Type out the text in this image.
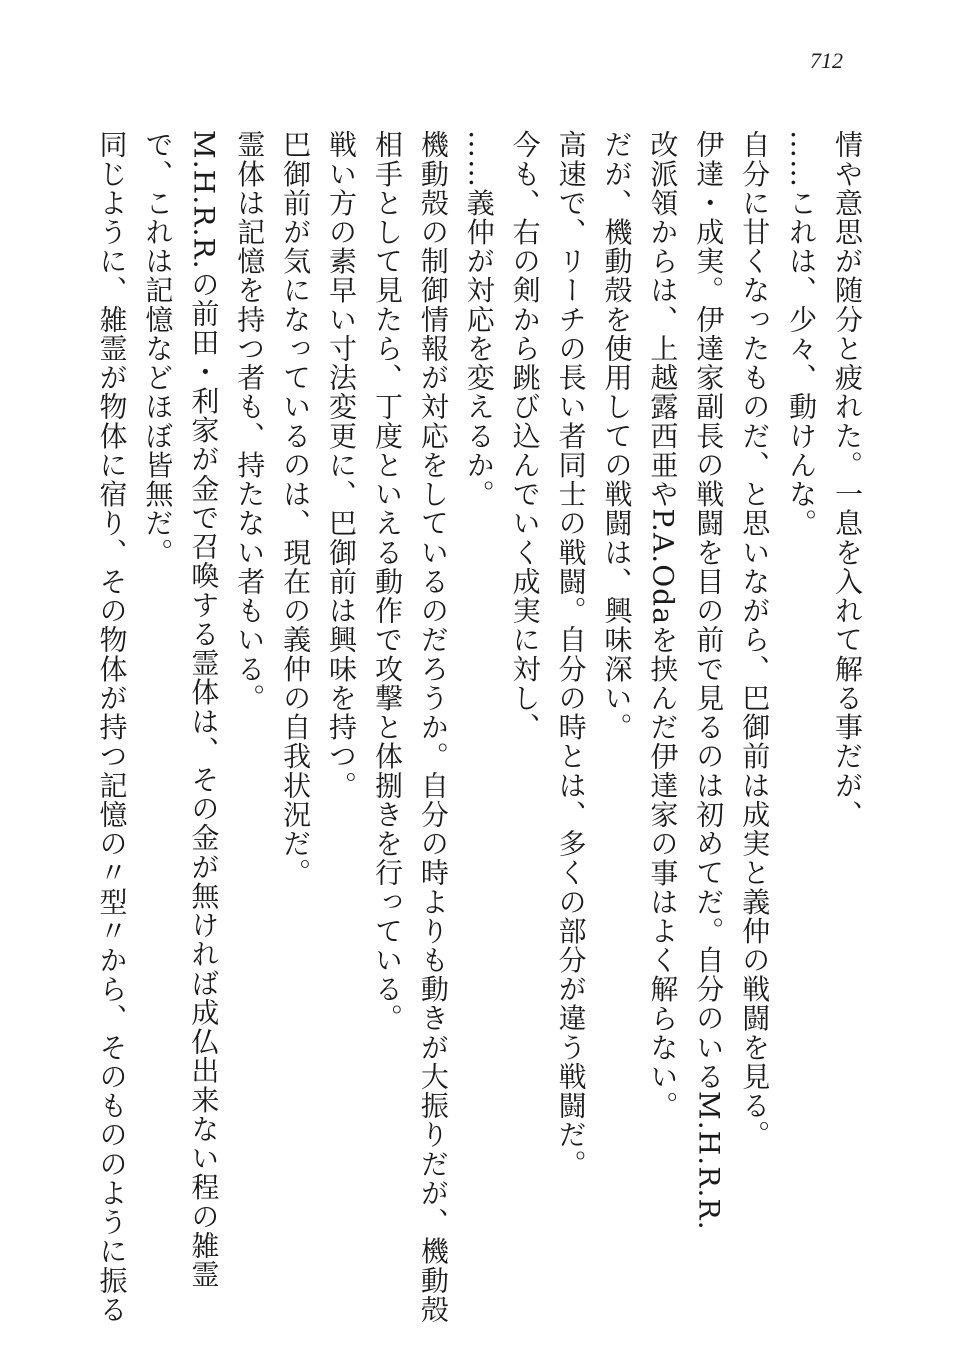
712

情や意思が随分と疲れた。一息を入れて解る事だが、

……これは、少々、動けんな。

自分に甘くなったものだ、と思いながら、巴御前は成実と義仲の戦闘を見る。

伊達・成実。伊達家副長の戦闘を目の前で見るのは初めてだ。自分のいるM.H.R.R.

改派領からは、上越露西亜やP.A.Odaを挟んだ伊達家の事はよく解らない。

だが、機動殻を使用しての戦闘は、興味深い。

高速で、リーチの長い者同士の戦闘。自分の時とは、多くの部分が違う戦闘だ。

今も、右の剣から跳び込んでいく成実に対し、

……義仲が対応を変えるか。

機動殻の制御情報が対応をしているのだろうか。自分の時よりも動きが大振りだが、機動殻

相手として見たら、丁度といえる動作で攻撃と体捌きを行っている。

戦い方の素早い寸法変更に、巴御前は興味を持つ。

巴御前が気になっているのは、現在の義仲の自我状況だ。

霊体は記憶を持つ者も、持たない者もいる。

M.H.R.R.の前田・利家が金で召喚する霊体は、その金が無ければ成仏出来ない程の雑霊

で、これは記憶などほぼ皆無だ。

同じように、雑霊が物体に宿り、その物体が持つ記憶の〃型〃から、そのもののように振る
